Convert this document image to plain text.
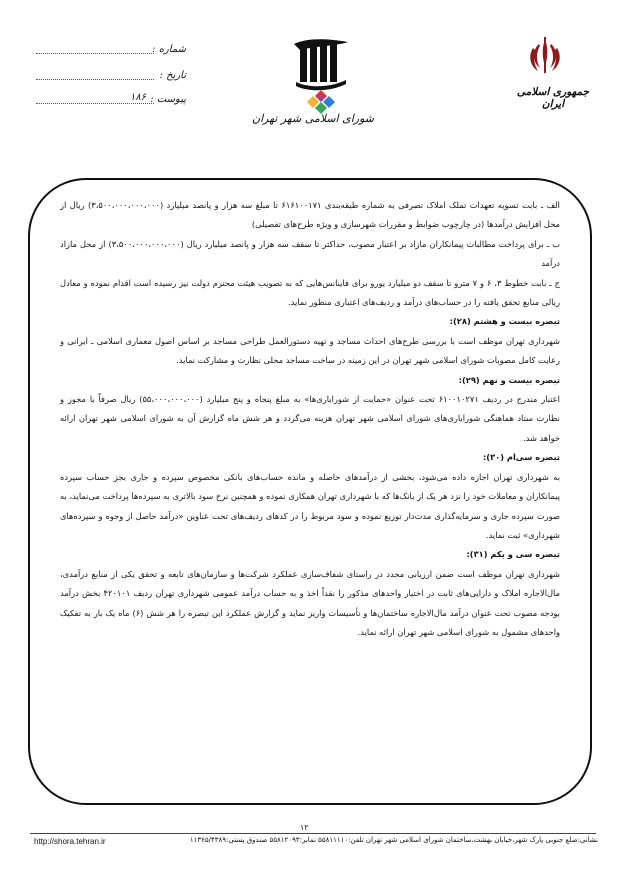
جمهوری اسلامی ایران
شورای اسلامی شهر تهران
شماره :
تاریخ :
پیوست :
۱۸۶

الف ـ بابت تسویه تعهدات تملک املاک تصرفی به شماره طبقه‌بندی ۶۱۶۱۰۰۱۷۱ تا مبلغ سه هزار و پانصد میلیارد (۳،۵۰۰،۰۰۰،۰۰۰،۰۰۰) ریال از محل افزایش درآمدها (در چارچوب ضوابط و مقررات شهرسازی و ویژه طرح‌های تفصیلی)

ب ـ برای پرداخت مطالبات پیمانکاران مازاد بر اعتبار مصوب، حداکثر تا سقف سه هزار و پانصد میلیارد ریال (۳،۵۰۰،۰۰۰،۰۰۰،۰۰۰) از محل مازاد درآمد

ج ـ بابت خطوط ۳، ۶ و ۷ مترو تا سقف دو میلیارد یورو برای فاینانس‌هایی که به تصویب هیئت محترم دولت نیز رسیده است اقدام نموده و معادل ریالی منابع تحقق یافته را در حساب‌های درآمد و ردیف‌های اعتباری منظور نماید.

تبصره بیست و هشتم (۲۸):

شهرداری تهران موظف است با بررسی طرح‌های احداث مساجد و تهیه دستورالعمل طراحی مساجد بر اساس اصول معماری اسلامی ـ ایرانی و رعایت کامل مصوبات شورای اسلامی شهر تهران در این زمینه در ساخت مساجد محلی نظارت و مشارکت نماید.

تبصره بیست و نهم (۲۹):

اعتبار مندرج در ردیف ۶۱۰۰۱۰۲۷۱ تحت عنوان «حمایت از شورایاری‌ها» به مبلغ پنجاه و پنج میلیارد (۵۵،۰۰۰،۰۰۰،۰۰۰) ریال صرفاً با مجوز و نظارت ستاد هماهنگی شورایاری‌های شورای اسلامی شهر تهران هزینه می‌گردد و هر شش ماه گزارش آن به شورای اسلامی شهر تهران ارائه خواهد شد.

تبصره سی‌ام (۳۰):

به شهرداری تهران اجازه داده می‌شود، بخشی از درآمدهای حاصله و مانده حساب‌های بانکی مخصوص سپرده و جاری بجز حساب سپرده پیمانکاران و معاملات خود را نزد هر یک از بانک‌ها که با شهرداری تهران همکاری نموده و همچنین نرخ سود بالاتری به سپرده‌ها پرداخت می‌نماید، به صورت سپرده جاری و سرمایه‌گذاری مدت‌دار توزیع نموده و سود مربوط را در کدهای ردیف‌های تحت عناوین «درآمد حاصل از وجوه و سپرده‌های شهرداری» ثبت نماید.

تبصره سی و یکم (۳۱):

شهرداری تهران موظف است ضمن ارزیابی مجدد در راستای شفاف‌سازی عملکرد شرکت‌ها و سازمان‌های تابعه و تحقق یکی از منابع درآمدی، مال‌الاجاره املاک و دارایی‌های ثابت در اختیار واحدهای مذکور را نقداً اخذ و به حساب درآمد عمومی شهرداری تهران ردیف ۴۲۰۱۰۱ بخش درآمد بودجه مصوب تحت عنوان درآمد مال‌الاجاره ساختمان‌ها و تأسیسات واریز نماید و گزارش عملکرد این تبصره را هر شش (۶) ماه یک بار به تفکیک واحدهای مشمول به شورای اسلامی شهر تهران ارائه نماید.

۱۲
نشانی:ضلع جنوبی پارک شهر،خیابان بهشت،ساختمان شورای اسلامی شهر تهران تلفن:۵۵۸۱۱۱۱۰ نمابر:۵۵۸۱۲۰۹۳ صندوق پستی:۱۱۳۶۵/۴۳۸۹
http://shora.tehran.ir
